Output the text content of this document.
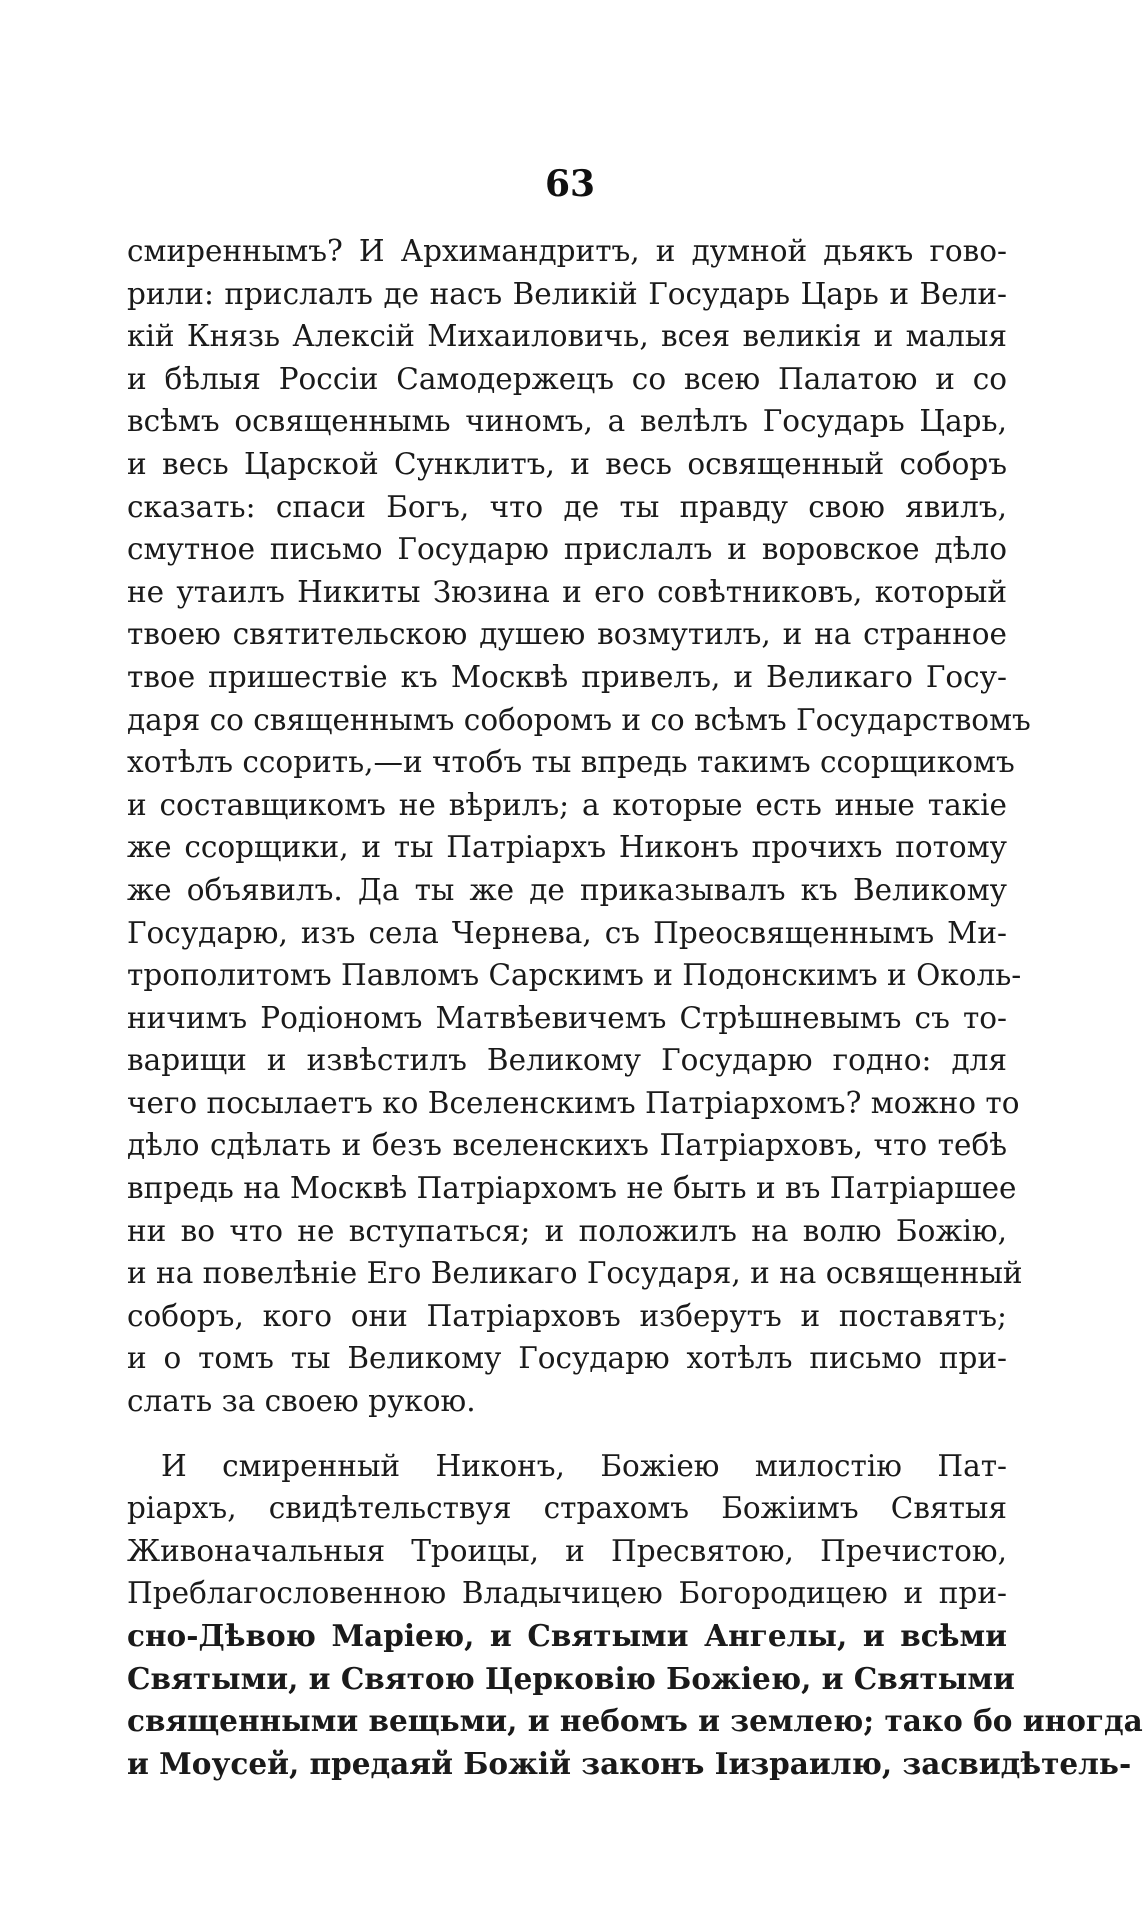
63
смиреннымъ? И Архимандритъ, и думной дьякъ гово-
рили: прислалъ де насъ Великій Государь Царь и Вели-
кій Князь Алексій Михаиловичь, всея великія и малыя
и бѣлыя Россіи Самодержецъ со всею Палатою и со
всѣмъ освященнымь чиномъ, а велѣлъ Государь Царь,
и весь Царской Сунклитъ, и весь освященный соборъ
сказать: спаси Богъ, что де ты правду свою явилъ,
смутное письмо Государю прислалъ и воровское дѣло
не утаилъ Никиты Зюзина и его совѣтниковъ, который
твоею святительскою душею возмутилъ, и на странное
твое пришествіе къ Москвѣ привелъ, и Великаго Госу-
даря со священнымъ соборомъ и со всѣмъ Государствомъ
хотѣлъ ссорить,—и чтобъ ты впредь такимъ ссорщикомъ
и составщикомъ не вѣрилъ; а которые есть иные такіе
же ссорщики, и ты Патріархъ Никонъ прочихъ потому
же объявилъ. Да ты же де приказывалъ къ Великому
Государю, изъ села Чернева, съ Преосвященнымъ Ми-
трополитомъ Павломъ Сарскимъ и Подонскимъ и Околь-
ничимъ Родіономъ Матвѣевичемъ Стрѣшневымъ съ то-
варищи и извѣстилъ Великому Государю годно: для
чего посылаетъ ко Вселенскимъ Патріархомъ? можно то
дѣло сдѣлать и безъ вселенскихъ Патріарховъ, что тебѣ
впредь на Москвѣ Патріархомъ не быть и въ Патріаршее
ни во что не вступаться; и положилъ на волю Божію,
и на повелѣніе Его Великаго Государя, и на освященный
соборъ, кого они Патріарховъ изберутъ и поставятъ;
и о томъ ты Великому Государю хотѣлъ письмо при-
слать за своею рукою.
И смиренный Никонъ, Божіею милостію Пат-
ріархъ, свидѣтельствуя страхомъ Божіимъ Святыя
Живоначальныя Троицы, и Пресвятою, Пречистою,
Преблагословенною Владычицею Богородицею и при-
сно-Дѣвою Маріею, и Святыми Ангелы, и всѣми
Святыми, и Святою Церковію Божіею, и Святыми
священными вещьми, и небомъ и землею; тако бо иногда
и Моусей, предаяй Божій законъ Іизраилю, засвидѣтель-
